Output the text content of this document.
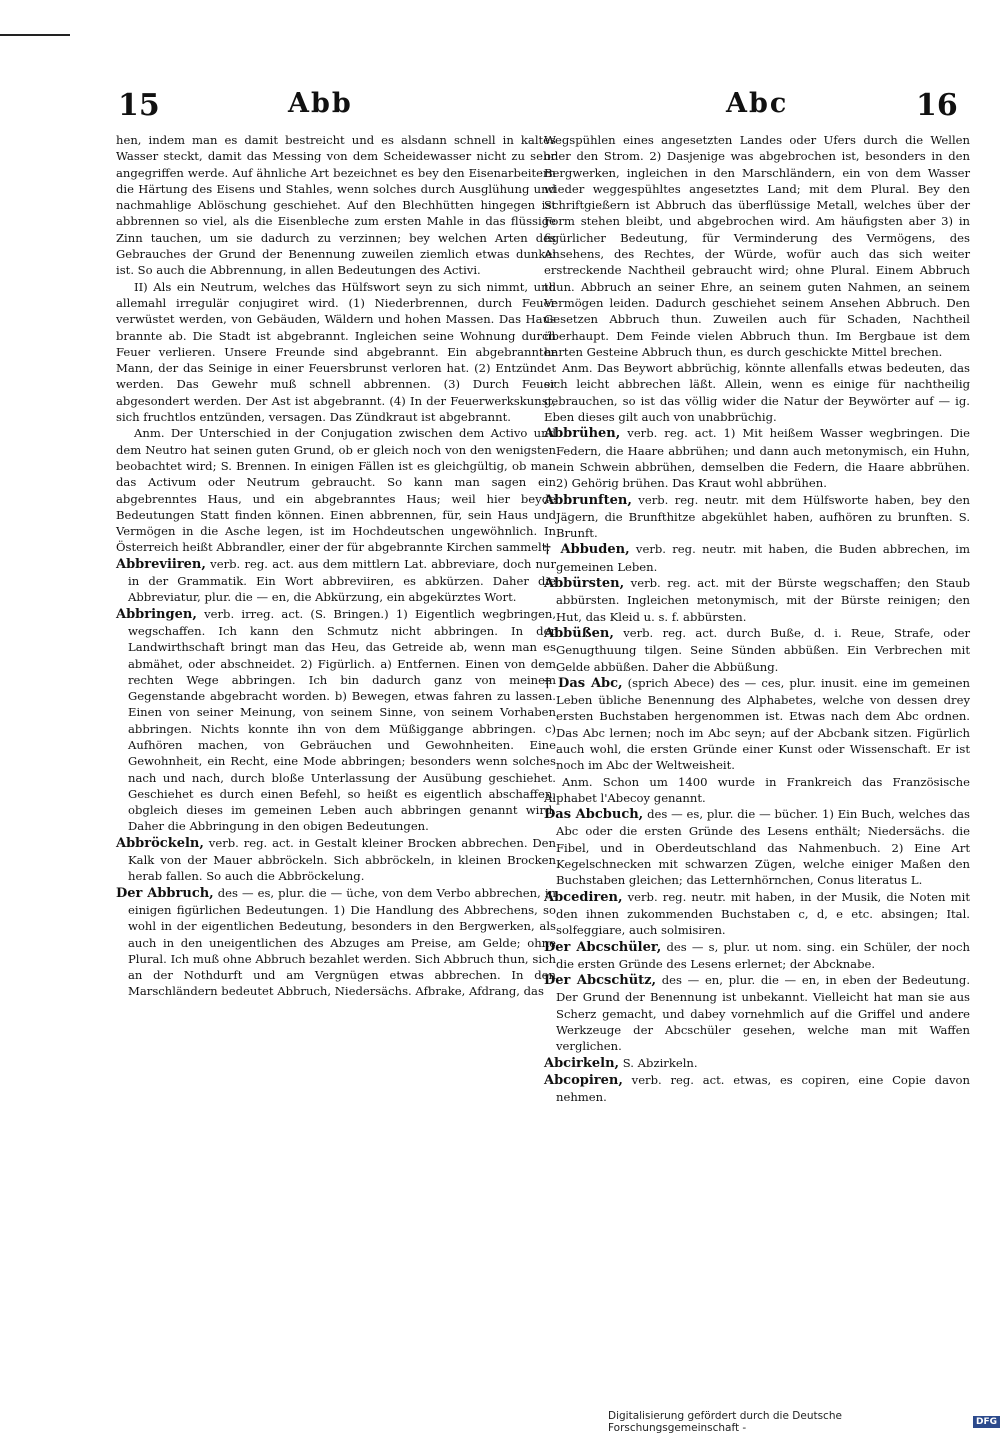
15	Abb	Abc	16

hen, indem man es damit bestreicht und es alsdann schnell in kaltes Wasser steckt, damit das Messing von dem Scheidewasser nicht zu sehr angegriffen werde. Auf ähnliche Art bezeichnet es bey den Eisenarbeitern die Härtung des Eisens und Stahles, wenn solches durch Ausglühung und nachmahlige Ablöschung geschiehet. Auf den Blechhütten hingegen ist abbrennen so viel, als die Eisenbleche zum ersten Mahle in das flüssige Zinn tauchen, um sie dadurch zu verzinnen; bey welchen Arten des Gebrauches der Grund der Benennung zuweilen ziemlich etwas dunkel ist. So auch die Abbrennung, in allen Bedeutungen des Activi.

II) Als ein Neutrum, welches das Hülfswort seyn zu sich nimmt, und allemahl irregulär conjugiret wird. (1) Niederbrennen, durch Feuer verwüstet werden, von Gebäuden, Wäldern und hohen Massen. Das Haus brannte ab. Die Stadt ist abgebrannt. Ingleichen seine Wohnung durch Feuer verlieren. Unsere Freunde sind abgebrannt. Ein abgebrannter Mann, der das Seinige in einer Feuersbrunst verloren hat. (2) Entzündet werden. Das Gewehr muß schnell abbrennen. (3) Durch Feuer abgesondert werden. Der Ast ist abgebrannt. (4) In der Feuerwerkskunst, sich fruchtlos entzünden, versagen. Das Zündkraut ist abgebrannt.

Anm. Der Unterschied in der Conjugation zwischen dem Activo und dem Neutro hat seinen guten Grund, ob er gleich noch von den wenigsten beobachtet wird; S. Brennen. In einigen Fällen ist es gleichgültig, ob man das Activum oder Neutrum gebraucht. So kann man sagen ein abgebrenntes Haus, und ein abgebranntes Haus; weil hier beyde Bedeutungen Statt finden können. Einen abbrennen, für, sein Haus und Vermögen in die Asche legen, ist im Hochdeutschen ungewöhnlich. In Österreich heißt Abbrandler, einer der für abgebrannte Kirchen sammelt.

Abbreviiren, verb. reg. act. aus dem mittlern Lat. abbreviare, doch nur in der Grammatik. Ein Wort abbreviiren, es abkürzen. Daher die Abbreviatur, plur. die — en, die Abkürzung, ein abgekürztes Wort.

Abbringen, verb. irreg. act. (S. Bringen.) 1) Eigentlich wegbringen, wegschaffen. Ich kann den Schmutz nicht abbringen. In der Landwirthschaft bringt man das Heu, das Getreide ab, wenn man es abmähet, oder abschneidet. 2) Figürlich. a) Entfernen. Einen von dem rechten Wege abbringen. Ich bin dadurch ganz von meinem Gegenstande abgebracht worden. b) Bewegen, etwas fahren zu lassen. Einen von seiner Meinung, von seinem Sinne, von seinem Vorhaben abbringen. Nichts konnte ihn von dem Müßiggange abbringen. c) Aufhören machen, von Gebräuchen und Gewohnheiten. Eine Gewohnheit, ein Recht, eine Mode abbringen; besonders wenn solches nach und nach, durch bloße Unterlassung der Ausübung geschiehet. Geschiehet es durch einen Befehl, so heißt es eigentlich abschaffen, obgleich dieses im gemeinen Leben auch abbringen genannt wird. Daher die Abbringung in den obigen Bedeutungen.

Abbröckeln, verb. reg. act. in Gestalt kleiner Brocken abbrechen. Den Kalk von der Mauer abbröckeln. Sich abbröckeln, in kleinen Brocken herab fallen. So auch die Abbröckelung.

Der Abbruch, des — es, plur. die — üche, von dem Verbo abbrechen, in einigen figürlichen Bedeutungen. 1) Die Handlung des Abbrechens, so wohl in der eigentlichen Bedeutung, besonders in den Bergwerken, als auch in den uneigentlichen des Abzuges am Preise, am Gelde; ohne Plural. Ich muß ohne Abbruch bezahlet werden. Sich Abbruch thun, sich an der Nothdurft und am Vergnügen etwas abbrechen. In den Marschländern bedeutet Abbruch, Niedersächs. Afbrake, Afdrang, das

Wegspühlen eines angesetzten Landes oder Ufers durch die Wellen oder den Strom. 2) Dasjenige was abgebrochen ist, besonders in den Bergwerken, ingleichen in den Marschländern, ein von dem Wasser wieder weggespühltes angesetztes Land; mit dem Plural. Bey den Schriftgießern ist Abbruch das überflüssige Metall, welches über der Form stehen bleibt, und abgebrochen wird. Am häufigsten aber 3) in figürlicher Bedeutung, für Verminderung des Vermögens, des Ansehens, des Rechtes, der Würde, wofür auch das sich weiter erstreckende Nachtheil gebraucht wird; ohne Plural. Einem Abbruch thun. Abbruch an seiner Ehre, an seinem guten Nahmen, an seinem Vermögen leiden. Dadurch geschiehet seinem Ansehen Abbruch. Den Gesetzen Abbruch thun. Zuweilen auch für Schaden, Nachtheil überhaupt. Dem Feinde vielen Abbruch thun. Im Bergbaue ist dem harten Gesteine Abbruch thun, es durch geschickte Mittel brechen.

Anm. Das Beywort abbrüchig, könnte allenfalls etwas bedeuten, das sich leicht abbrechen läßt. Allein, wenn es einige für nachtheilig gebrauchen, so ist das völlig wider die Natur der Beywörter auf — ig. Eben dieses gilt auch von unabbrüchig.

Abbrühen, verb. reg. act. 1) Mit heißem Wasser wegbringen. Die Federn, die Haare abbrühen; und dann auch metonymisch, ein Huhn, ein Schwein abbrühen, demselben die Federn, die Haare abbrühen. 2) Gehörig brühen. Das Kraut wohl abbrühen.

Abbrunften, verb. reg. neutr. mit dem Hülfsworte haben, bey den Jägern, die Brunfthitze abgekühlet haben, aufhören zu brunften. S. Brunft.

† Abbuden, verb. reg. neutr. mit haben, die Buden abbrechen, im gemeinen Leben.

Abbürsten, verb. reg. act. mit der Bürste wegschaffen; den Staub abbürsten. Ingleichen metonymisch, mit der Bürste reinigen; den Hut, das Kleid u. s. f. abbürsten.

Abbüßen, verb. reg. act. durch Buße, d. i. Reue, Strafe, oder Genugthuung tilgen. Seine Sünden abbüßen. Ein Verbrechen mit Gelde abbüßen. Daher die Abbüßung.

† Das Abc, (sprich Abece) des — ces, plur. inusit. eine im gemeinen Leben übliche Benennung des Alphabetes, welche von dessen drey ersten Buchstaben hergenommen ist. Etwas nach dem Abc ordnen. Das Abc lernen; noch im Abc seyn; auf der Abcbank sitzen. Figürlich auch wohl, die ersten Gründe einer Kunst oder Wissenschaft. Er ist noch im Abc der Weltweisheit.

Anm. Schon um 1400 wurde in Frankreich das Französische Alphabet l'Abecoy genannt.

Das Abcbuch, des — es, plur. die — bücher. 1) Ein Buch, welches das Abc oder die ersten Gründe des Lesens enthält; Niedersächs. die Fibel, und in Oberdeutschland das Nahmenbuch. 2) Eine Art Kegelschnecken mit schwarzen Zügen, welche einiger Maßen den Buchstaben gleichen; das Letternhörnchen, Conus literatus L.

Abcediren, verb. reg. neutr. mit haben, in der Musik, die Noten mit den ihnen zukommenden Buchstaben c, d, e etc. absingen; Ital. solfeggiare, auch solmisiren.

Der Abcschüler, des — s, plur. ut nom. sing. ein Schüler, der noch die ersten Gründe des Lesens erlernet; der Abcknabe.

Der Abcschütz, des — en, plur. die — en, in eben der Bedeutung. Der Grund der Benennung ist unbekannt. Vielleicht hat man sie aus Scherz gemacht, und dabey vornehmlich auf die Griffel und andere Werkzeuge der Abcschüler gesehen, welche man mit Waffen verglichen.

Abcirkeln, S. Abzirkeln.

Abcopiren, verb. reg. act. etwas, es copiren, eine Copie davon nehmen.

Digitalisierung gefördert durch die Deutsche Forschungsgemeinschaft -	DFG
